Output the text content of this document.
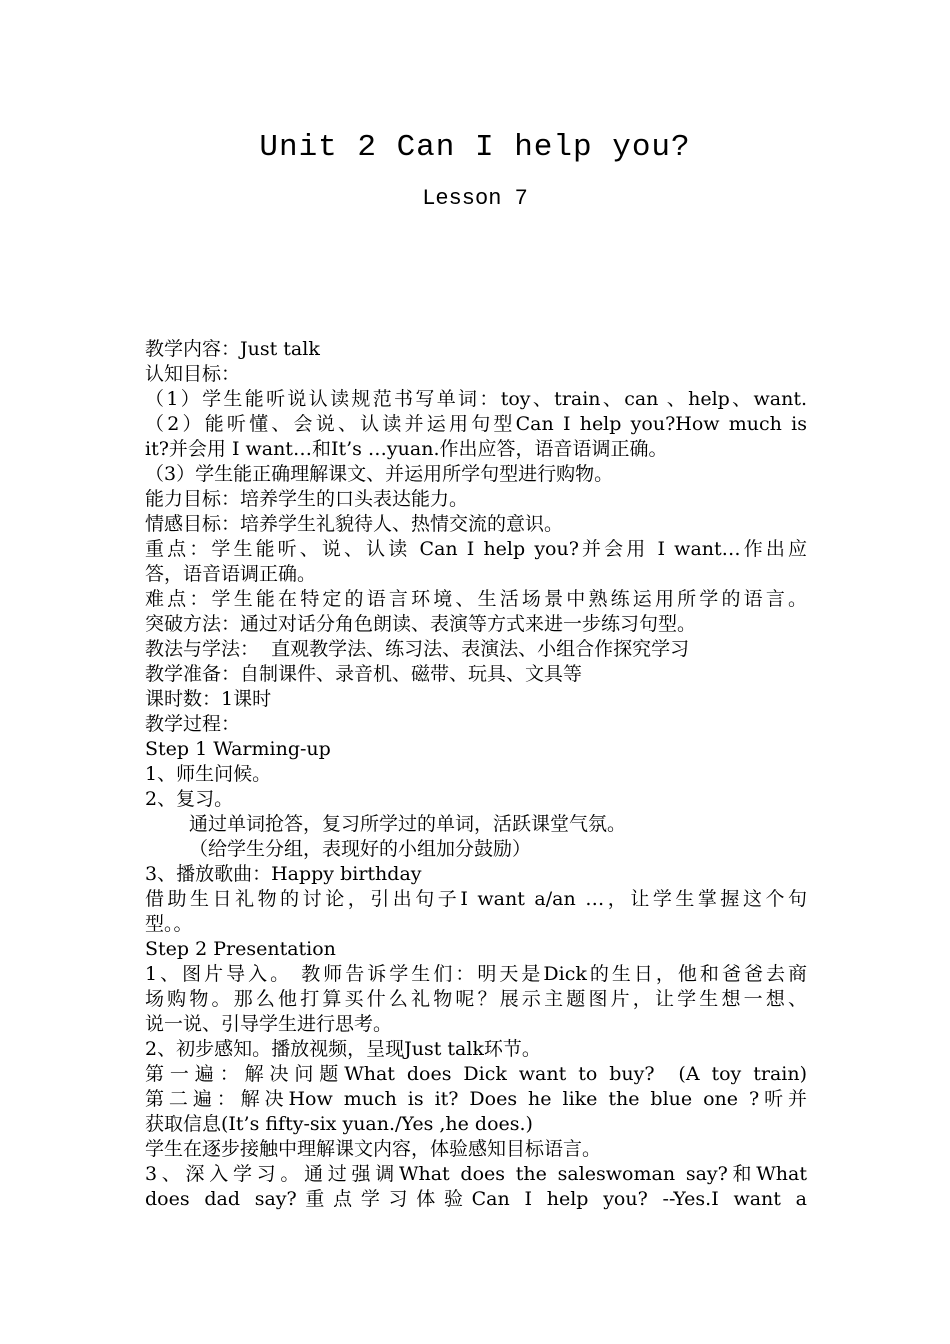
Unit 2 Can I help you?
Lesson 7
教学内容：Just talk
认知目标：
（1）学生能听说认读规范书写单词：toy、train、can 、help、want.
（2）能听懂、会说、认读并运用句型Can I help you?How much is
it?并会用 I want…和It’s …yuan.作出应答，语音语调正确。
（3）学生能正确理解课文、并运用所学句型进行购物。
能力目标：培养学生的口头表达能力。
情感目标：培养学生礼貌待人、热情交流的意识。
重点：学生能听、说、认读 Can I help you?并会用 I want…作出应
答，语音语调正确。
难点：学生能在特定的语言环境、生活场景中熟练运用所学的语言。
突破方法：通过对话分角色朗读、表演等方式来进一步练习句型。
教法与学法：  直观教学法、练习法、表演法、小组合作探究学习
教学准备：自制课件、录音机、磁带、玩具、文具等
课时数：1课时
教学过程：
Step 1 Warming-up
1、师生问候。
2、复习。
通过单词抢答，复习所学过的单词，活跃课堂气氛。
（给学生分组，表现好的小组加分鼓励）
3、播放歌曲：Happy birthday
借助生日礼物的讨论，引出句子I want a/an …，让学生掌握这个句
型。。
Step 2 Presentation
1、图片导入。 教师告诉学生们：明天是Dick的生日，他和爸爸去商
场购物。那么他打算买什么礼物呢？展示主题图片，让学生想一想、
说一说、引导学生进行思考。
2、初步感知。播放视频，呈现Just talk环节。
第一遍：解决问题What does Dick want to buy?  (A toy train)
第二遍：解决How much is it? Does he like the blue one ?听并
获取信息(It’s fifty-six yuan./Yes ,he does.)
学生在逐步接触中理解课文内容，体验感知目标语言。
3、深入学习。通过强调What does the saleswoman say?和What
does dad say?重点学习体验Can I help you? --Yes.I want a
